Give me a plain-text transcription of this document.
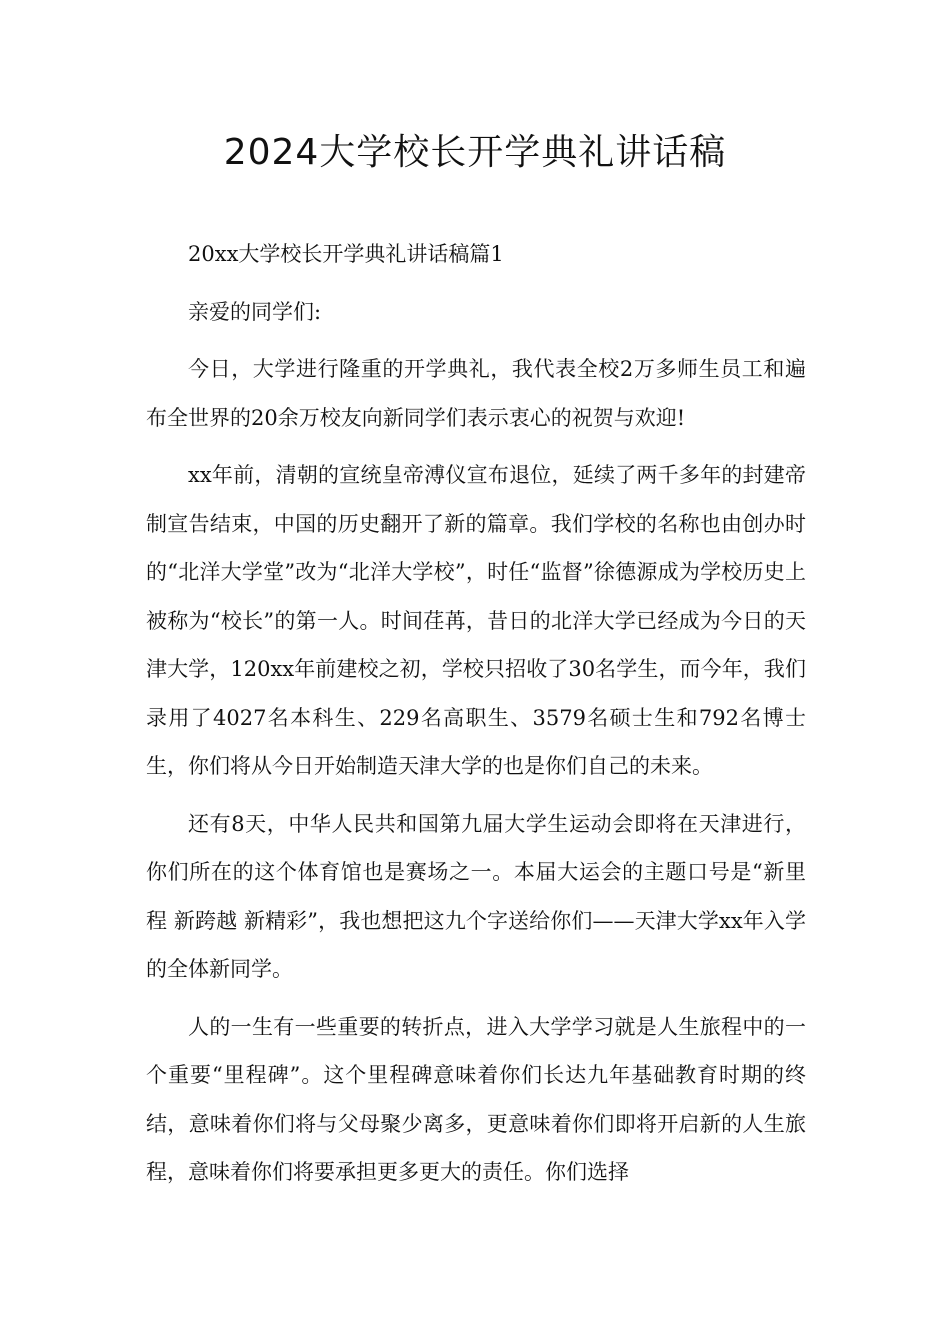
2024大学校长开学典礼讲话稿

20xx大学校长开学典礼讲话稿篇1

亲爱的同学们:

今日，大学进行隆重的开学典礼，我代表全校2万多师生员工和遍布全世界的20余万校友向新同学们表示衷心的祝贺与欢迎!

xx年前，清朝的宣统皇帝溥仪宣布退位，延续了两千多年的封建帝制宣告结束，中国的历史翻开了新的篇章。我们学校的名称也由创办时的“北洋大学堂”改为“北洋大学校”，时任“监督”徐德源成为学校历史上被称为“校长”的第一人。时间荏苒，昔日的北洋大学已经成为今日的天津大学，120xx年前建校之初，学校只招收了30名学生，而今年，我们录用了4027名本科生、229名高职生、3579名硕士生和792名博士生，你们将从今日开始制造天津大学的也是你们自己的未来。

还有8天，中华人民共和国第九届大学生运动会即将在天津进行，你们所在的这个体育馆也是赛场之一。本届大运会的主题口号是“新里程 新跨越 新精彩”，我也想把这九个字送给你们——天津大学xx年入学的全体新同学。

人的一生有一些重要的转折点，进入大学学习就是人生旅程中的一个重要“里程碑”。这个里程碑意味着你们长达九年基础教育时期的终结，意味着你们将与父母聚少离多，更意味着你们即将开启新的人生旅程，意味着你们将要承担更多更大的责任。你们选择
